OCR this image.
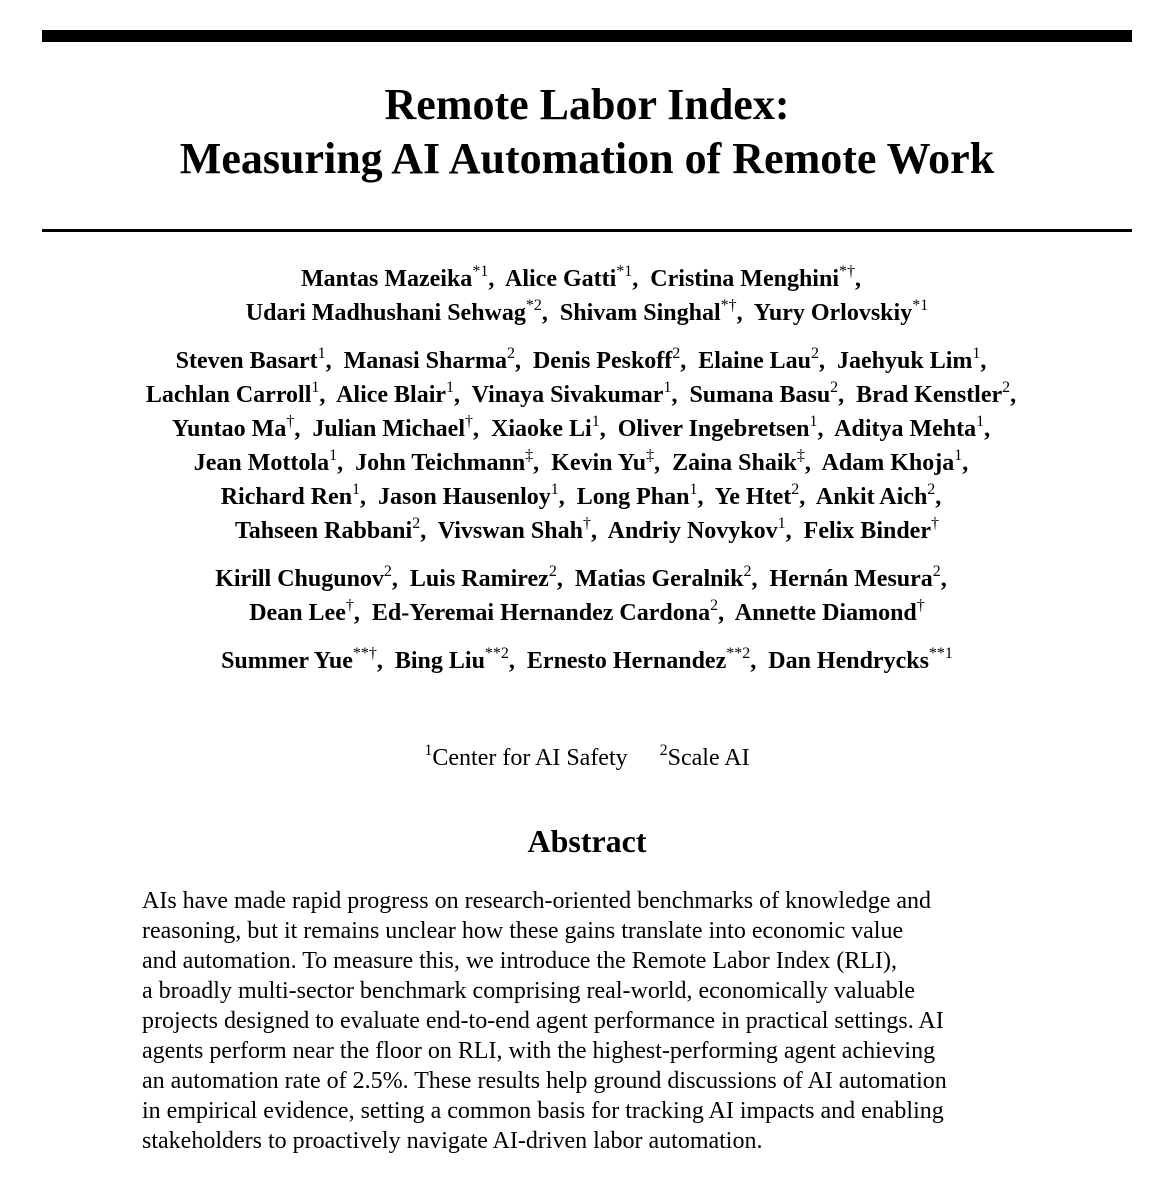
Remote Labor Index:
Measuring AI Automation of Remote Work
Mantas Mazeika$^{*1}$,  Alice Gatti$^{*1}$,  Cristina Menghini*†,
Udari Madhushani Sehwag$^{*2}$,  Shivam Singhal*†,  Yury Orlovskiy$^{*1}$
Steven Basart$^1$,  Manasi Sharma$^2$,  Denis Peskoff$^2$,  Elaine Lau$^2$,  Jaehyuk Lim$^1$,
Lachlan Carroll$^1$,  Alice Blair$^1$,  Vinaya Sivakumar$^1$,  Sumana Basu$^2$,  Brad Kenstler$^2$,
Yuntao Ma†,  Julian Michael†,  Xiaoke Li$^1$,  Oliver Ingebretsen$^1$,  Aditya Mehta$^1$,
Jean Mottola$^1$,  John Teichmann‡,  Kevin Yu‡,  Zaina Shaik‡,  Adam Khoja$^1$,
Richard Ren$^1$,  Jason Hausenloy$^1$,  Long Phan$^1$,  Ye Htet$^2$,  Ankit Aich$^2$,
Tahseen Rabbani$^2$,  Vivswan Shah†,  Andriy Novykov$^1$,  Felix Binder†
Kirill Chugunov$^2$,  Luis Ramirez$^2$,  Matias Geralnik$^2$,  Hernán Mesura$^2$,
Dean Lee†,  Ed-Yeremai Hernandez Cardona$^2$,  Annette Diamond†
Summer Yue**†,  Bing Liu$^{**2}$,  Ernesto Hernandez$^{**2}$,  Dan Hendrycks$^{**1}$
$^1$Center for AI Safety $^2$Scale AI
Abstract
AIs have made rapid progress on research-oriented benchmarks of knowledge and
reasoning, but it remains unclear how these gains translate into economic value
and automation. To measure this, we introduce the Remote Labor Index (RLI),
a broadly multi-sector benchmark comprising real-world, economically valuable
projects designed to evaluate end-to-end agent performance in practical settings. AI
agents perform near the floor on RLI, with the highest-performing agent achieving
an automation rate of 2.5%. These results help ground discussions of AI automation
in empirical evidence, setting a common basis for tracking AI impacts and enabling
stakeholders to proactively navigate AI-driven labor automation.
